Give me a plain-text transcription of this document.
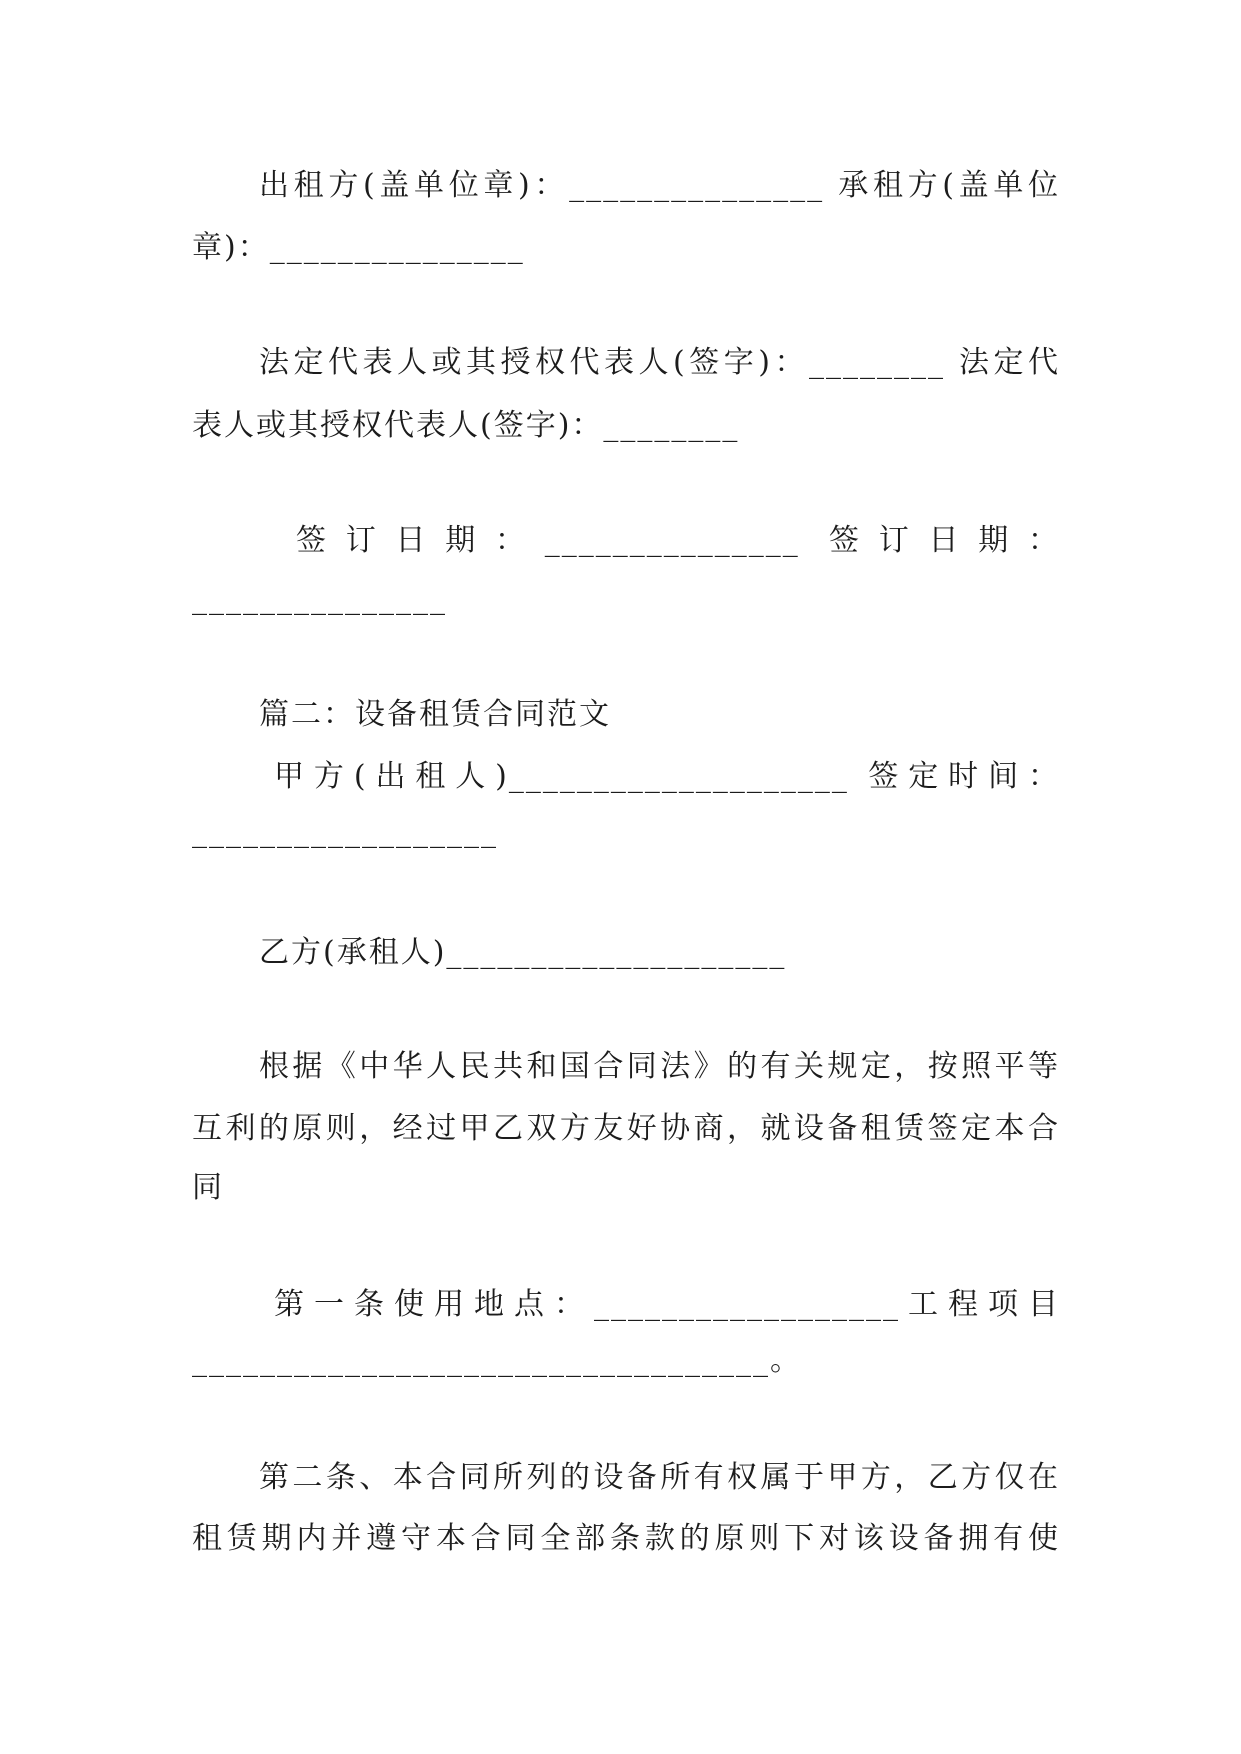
出租方(盖单位章)：_______________ 承租方(盖单位
章)：_______________
法定代表人或其授权代表人(签字)：________ 法定代
表人或其授权代表人(签字)：________
签订日期：_______________ 签订日期：
_______________
篇二：设备租赁合同范文
甲方(出租人)____________________ 签定时间：
__________________
乙方(承租人)____________________
根据《中华人民共和国合同法》的有关规定，按照平等
互利的原则，经过甲乙双方友好协商，就设备租赁签定本合
同
第一条使用地点：__________________工程项目
__________________________________。
第二条、本合同所列的设备所有权属于甲方，乙方仅在
租赁期内并遵守本合同全部条款的原则下对该设备拥有使
